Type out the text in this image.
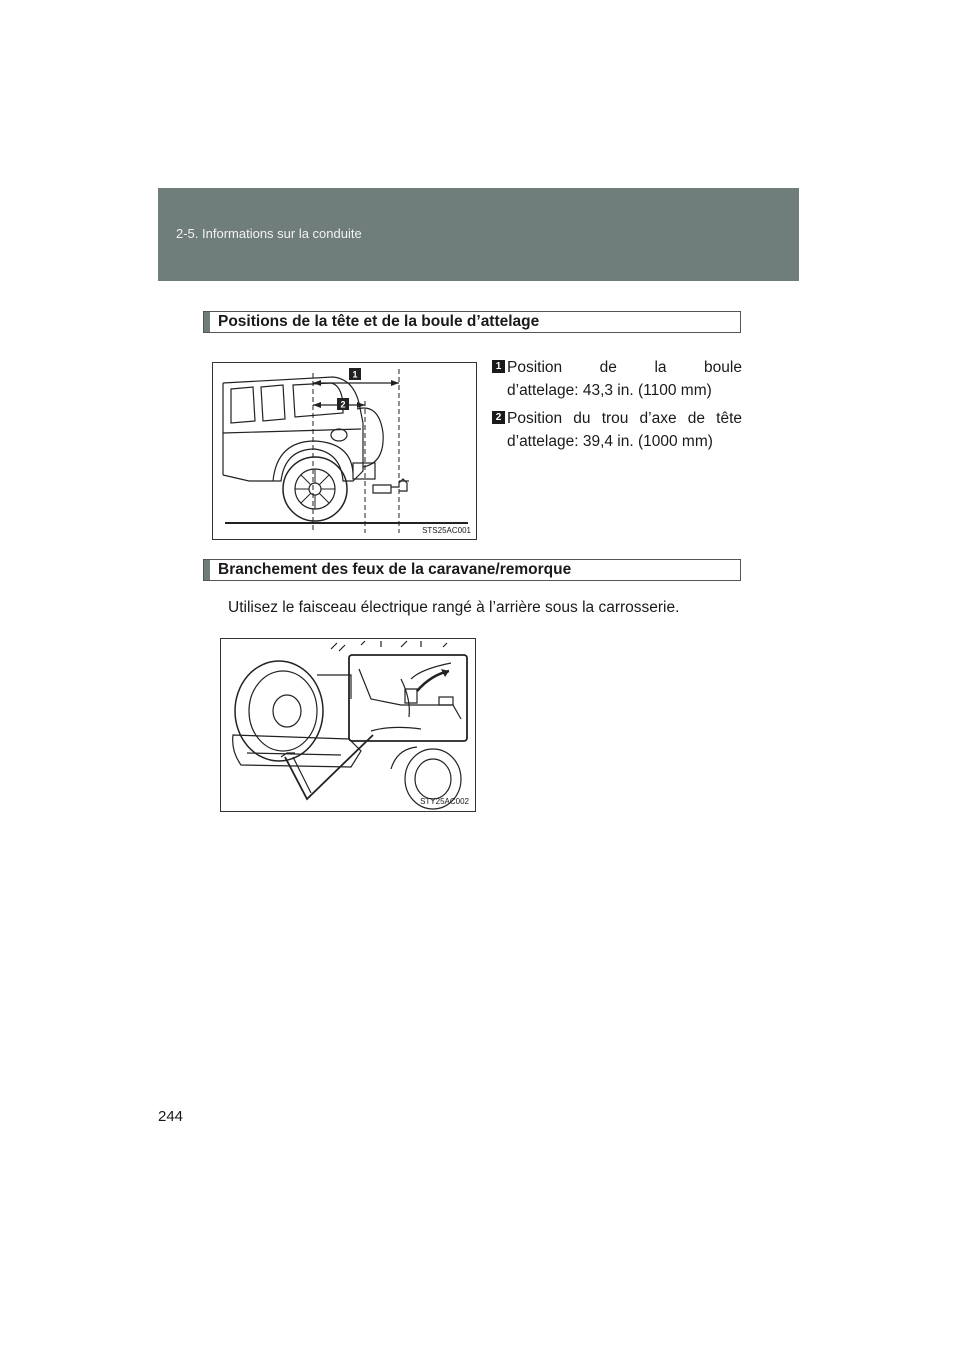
2-5. Informations sur la conduite
Positions de la tête et de la boule d’attelage
1
2
STS25AC001
1 Position de la boule
d’attelage: 43,3 in. (1100 mm)
2 Position du trou d’axe de tête
d’attelage: 39,4 in. (1000 mm)
Branchement des feux de la caravane/remorque
Utilisez le faisceau électrique rangé à l’arrière sous la carrosserie.
STY25AC002
244
